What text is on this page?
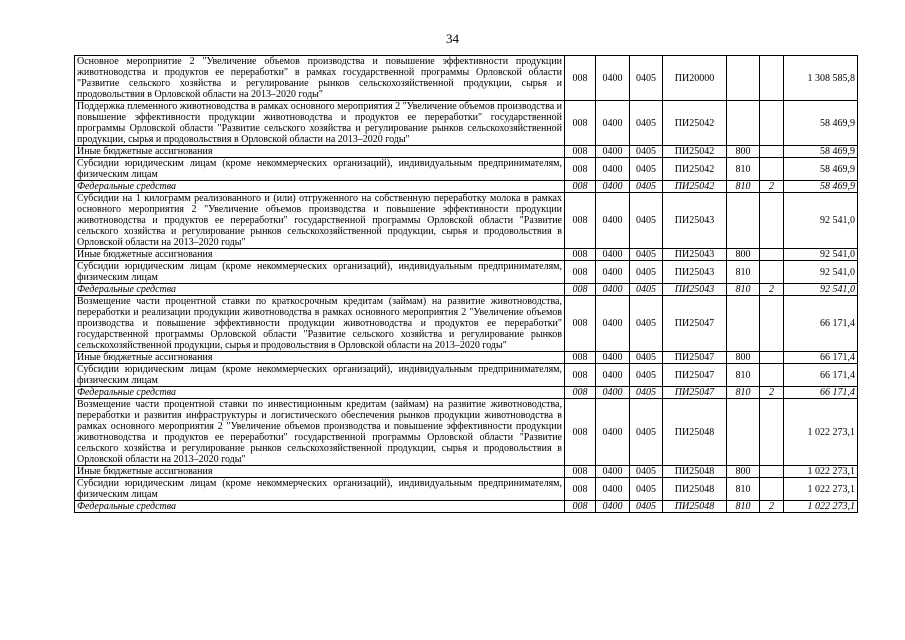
34
Основное мероприятие 2 "Увеличение объемов производства и повышение эффективности продукции животноводства и продуктов ее переработки" в рамках государственной программы Орловской области "Развитие сельского хозяйства и регулирование рынков сельскохозяйственной продукции, сырья и продовольствия в Орловской области на 2013–2020 годы"	008	0400	0405	ПИ20000			1 308 585,8
Поддержка племенного животноводства в рамках основного мероприятия 2 "Увеличение объемов производства и повышение эффективности продукции животноводства и продуктов ее переработки" государственной программы Орловской области "Развитие сельского хозяйства и регулирование рынков сельскохозяйственной продукции, сырья и продовольствия в Орловской области на 2013–2020 годы"	008	0400	0405	ПИ25042			58 469,9
Иные бюджетные ассигнования	008	0400	0405	ПИ25042	800		58 469,9
Субсидии юридическим лицам (кроме некоммерческих организаций), индивидуальным предпринимателям, физическим лицам	008	0400	0405	ПИ25042	810		58 469,9
Федеральные средства	008	0400	0405	ПИ25042	810	2	58 469,9
Субсидии на 1 килограмм реализованного и (или) отгруженного на собственную переработку молока в рамках основного мероприятия 2 "Увеличение объемов производства и повышение эффективности продукции животноводства и продуктов ее переработки" государственной программы Орловской области "Развитие сельского хозяйства и регулирование рынков сельскохозяйственной продукции, сырья и продовольствия в Орловской области на 2013–2020 годы"	008	0400	0405	ПИ25043			92 541,0
Иные бюджетные ассигнования	008	0400	0405	ПИ25043	800		92 541,0
Субсидии юридическим лицам (кроме некоммерческих организаций), индивидуальным предпринимателям, физическим лицам	008	0400	0405	ПИ25043	810		92 541,0
Федеральные средства	008	0400	0405	ПИ25043	810	2	92 541,0
Возмещение части процентной ставки по краткосрочным кредитам (займам) на развитие животноводства, переработки и реализации продукции животноводства в рамках основного мероприятия 2 "Увеличение объемов производства и повышение эффективности продукции животноводства и продуктов ее переработки" государственной программы Орловской области "Развитие сельского хозяйства и регулирование рынков сельскохозяйственной продукции, сырья и продовольствия в Орловской области на 2013–2020 годы"	008	0400	0405	ПИ25047			66 171,4
Иные бюджетные ассигнования	008	0400	0405	ПИ25047	800		66 171,4
Субсидии юридическим лицам (кроме некоммерческих организаций), индивидуальным предпринимателям, физическим лицам	008	0400	0405	ПИ25047	810		66 171,4
Федеральные средства	008	0400	0405	ПИ25047	810	2	66 171,4
Возмещение части процентной ставки по инвестиционным кредитам (займам) на развитие животноводства, переработки и развития инфраструктуры и логистического обеспечения рынков продукции животноводства в рамках основного мероприятия 2 "Увеличение объемов производства и повышение эффективности продукции животноводства и продуктов ее переработки" государственной программы Орловской области "Развитие сельского хозяйства и регулирование рынков сельскохозяйственной продукции, сырья и продовольствия в Орловской области на 2013–2020 годы"	008	0400	0405	ПИ25048			1 022 273,1
Иные бюджетные ассигнования	008	0400	0405	ПИ25048	800		1 022 273,1
Субсидии юридическим лицам (кроме некоммерческих организаций), индивидуальным предпринимателям, физическим лицам	008	0400	0405	ПИ25048	810		1 022 273,1
Федеральные средства	008	0400	0405	ПИ25048	810	2	1 022 273,1
